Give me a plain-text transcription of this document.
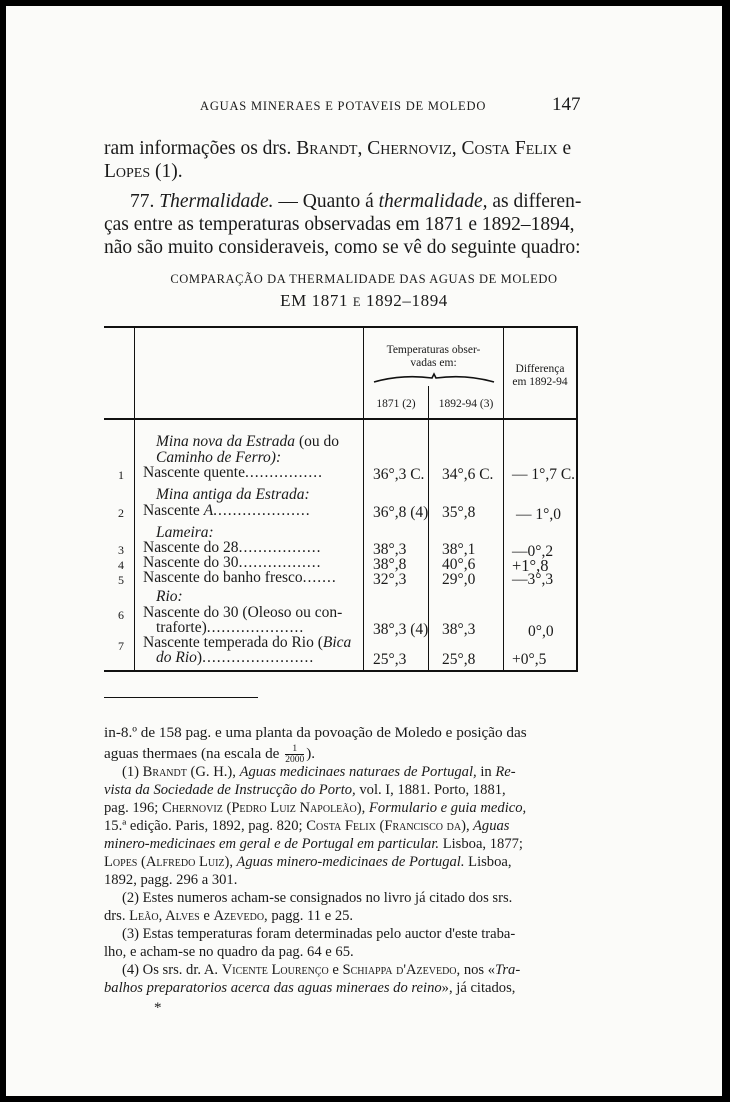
AGUAS MINERAES E POTAVEIS DE MOLEDO	147
ram informações os drs. Brandt, Chernoviz, Costa Felix e
Lopes (1).
77. Thermalidade. — Quanto á thermalidade, as differen-
ças entre as temperaturas observadas em 1871 e 1892–1894,
não são muito consideraveis, como se vê do seguinte quadro:
COMPARAÇÃO DA THERMALIDADE DAS AGUAS DE MOLEDO
EM 1871 E 1892–1894
Temperaturas obser-
vadas em:
1871 (2)	1892-94 (3)
Differença
em 1892-94
Mina nova da Estrada (ou do
Caminho de Ferro):
1 Nascente quente................	36°,3 C. 34°,6 C. — 1°,7 C.
Mina antiga da Estrada:
2 Nascente A....................	36°,8 (4) 35°,8	— 1°,0
Lameira:
3 Nascente do 28.................	38°,3 38°,1 —0°,2
4 Nascente do 30.................	38°,8 40°,6 +1°,8
5 Nascente do banho fresco....... 32°,3 29°,0 —3°,3
Rio:
6 Nascente do 30 (Oleoso ou con-
traforte)....................	38°,3 (4) 38°,3	0°,0
7 Nascente temperada do Rio (Bica
do Rio).......................	25°,3 25°,8 +0°,5
in-8.º de 158 pag. e uma planta da povoação de Moledo e posição das
aguas thermaes (na escala de $\frac{1}{2000}$ ).
(1) Brandt (G. H.), Aguas medicinaes naturaes de Portugal, in Re-
vista da Sociedade de Instrucção do Porto, vol. I, 1881. Porto, 1881,
pag. 196; Chernoviz (Pedro Luiz Napoleão), Formulario e guia medico,
15.ª edição. Paris, 1892, pag. 820; Costa Felix (Francisco da), Aguas
minero-medicinaes em geral e de Portugal em particular. Lisboa, 1877;
Lopes (Alfredo Luiz), Aguas minero-medicinaes de Portugal. Lisboa,
1892, pagg. 296 a 301.
(2) Estes numeros acham-se consignados no livro já citado dos srs.
drs. Leão, Alves e Azevedo, pagg. 11 e 25.
(3) Estas temperaturas foram determinadas pelo auctor d'este traba-
lho, e acham-se no quadro da pag. 64 e 65.
(4) Os srs. dr. A. Vicente Lourenço e Schiappa d'Azevedo, nos «Tra-
balhos preparatorios acerca das aguas mineraes do reino», já citados,
*
